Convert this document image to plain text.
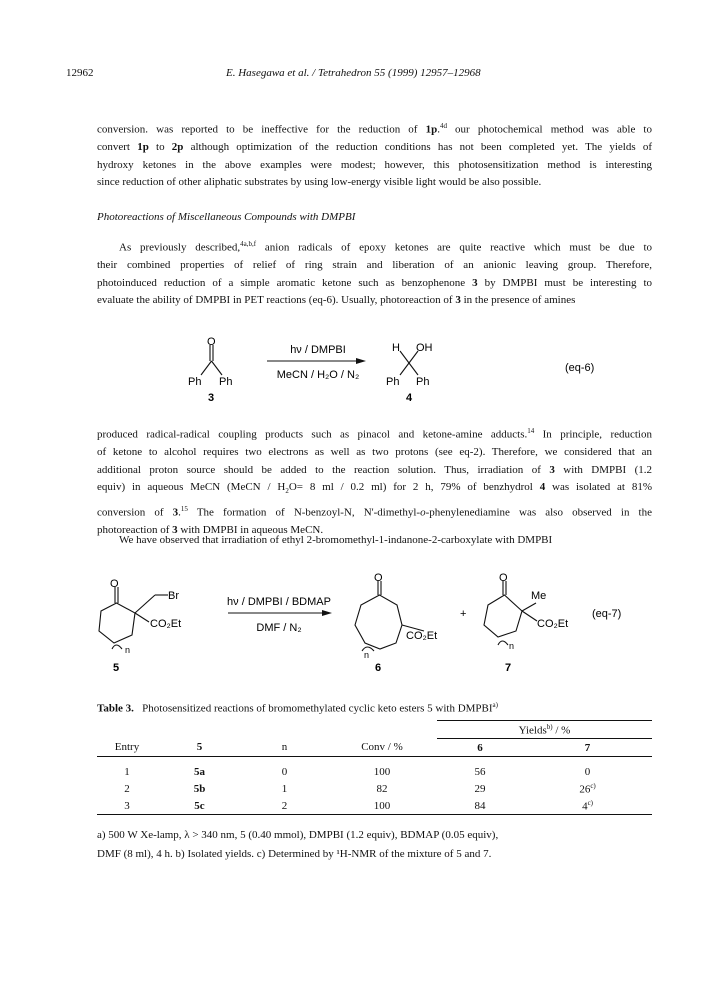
12962	E. Hasegawa et al. / Tetrahedron 55 (1999) 12957–12968
conversion. was reported to be ineffective for the reduction of 1p.$^{4d}$ our photochemical method was able to
convert 1p to 2p although optimization of the reduction conditions has not been completed yet. The yields of
hydroxy ketones in the above examples were modest; however, this photosensitization method is interesting
since reduction of other aliphatic substrates by using low-energy visible light would be also possible.
Photoreactions of Miscellaneous Compounds with DMPBI
As previously described,$^{4a,b,f}$ anion radicals of epoxy ketones are quite reactive which must be due to
their combined properties of relief of ring strain and liberation of an anionic leaving group. Therefore,
photoinduced reduction of a simple aromatic ketone such as benzophenone 3 by DMPBI must be interesting to
evaluate the ability of DMPBI in PET reactions (eq-6). Usually, photoreaction of 3 in the presence of amines
O
Ph Ph
3
hν / DMPBI
MeCN / H₂O / N₂
H OH
Ph Ph
4
(eq-6)
produced radical-radical coupling products such as pinacol and ketone-amine adducts.$^{14}$ In principle, reduction
of ketone to alcohol requires two electrons as well as two protons (see eq-2). Therefore, we considered that an
additional proton source should be added to the reaction solution. Thus, irradiation of 3 with DMPBI (1.2
equiv) in aqueous MeCN (MeCN / $H_2O= 8$ ml / 0.2 ml) for 2 h, 79% of benzhydrol 4 was isolated at 81%
conversion of 3.15 The formation of N-benzoyl-N, N'-dimethyl-o-phenylenediamine was also observed in the
photoreaction of 3 with DMPBI in aqueous MeCN.
We have observed that irradiation of ethyl 2-bromomethyl-1-indanone-2-carboxylate with DMPBI
O
Br
CO₂Et
n
5
hν / DMPBI / BDMAP
DMF / N₂
O
CO₂Et
n
6
+
O
Me
CO₂Et
n
7
(eq-7)
Table 3. Photosensitized reactions of bromomethylated cyclic keto esters 5 with DMPBI$^{a)}$
				Yields$^{b)}$ / %	
Entry	5	n	Conv / %	6	7
1	5a	0	100	56	0
2	5b	1	82	29	26$^{c)}$
3	5c	2	100	84	4$^{c)}$
a) 500 W Xe-lamp, λ > 340 nm, 5 (0.40 mmol), DMPBI (1.2 equiv), BDMAP (0.05 equiv),
DMF (8 ml), 4 h. b) Isolated yields. c) Determined by ¹H-NMR of the mixture of 5 and 7.
